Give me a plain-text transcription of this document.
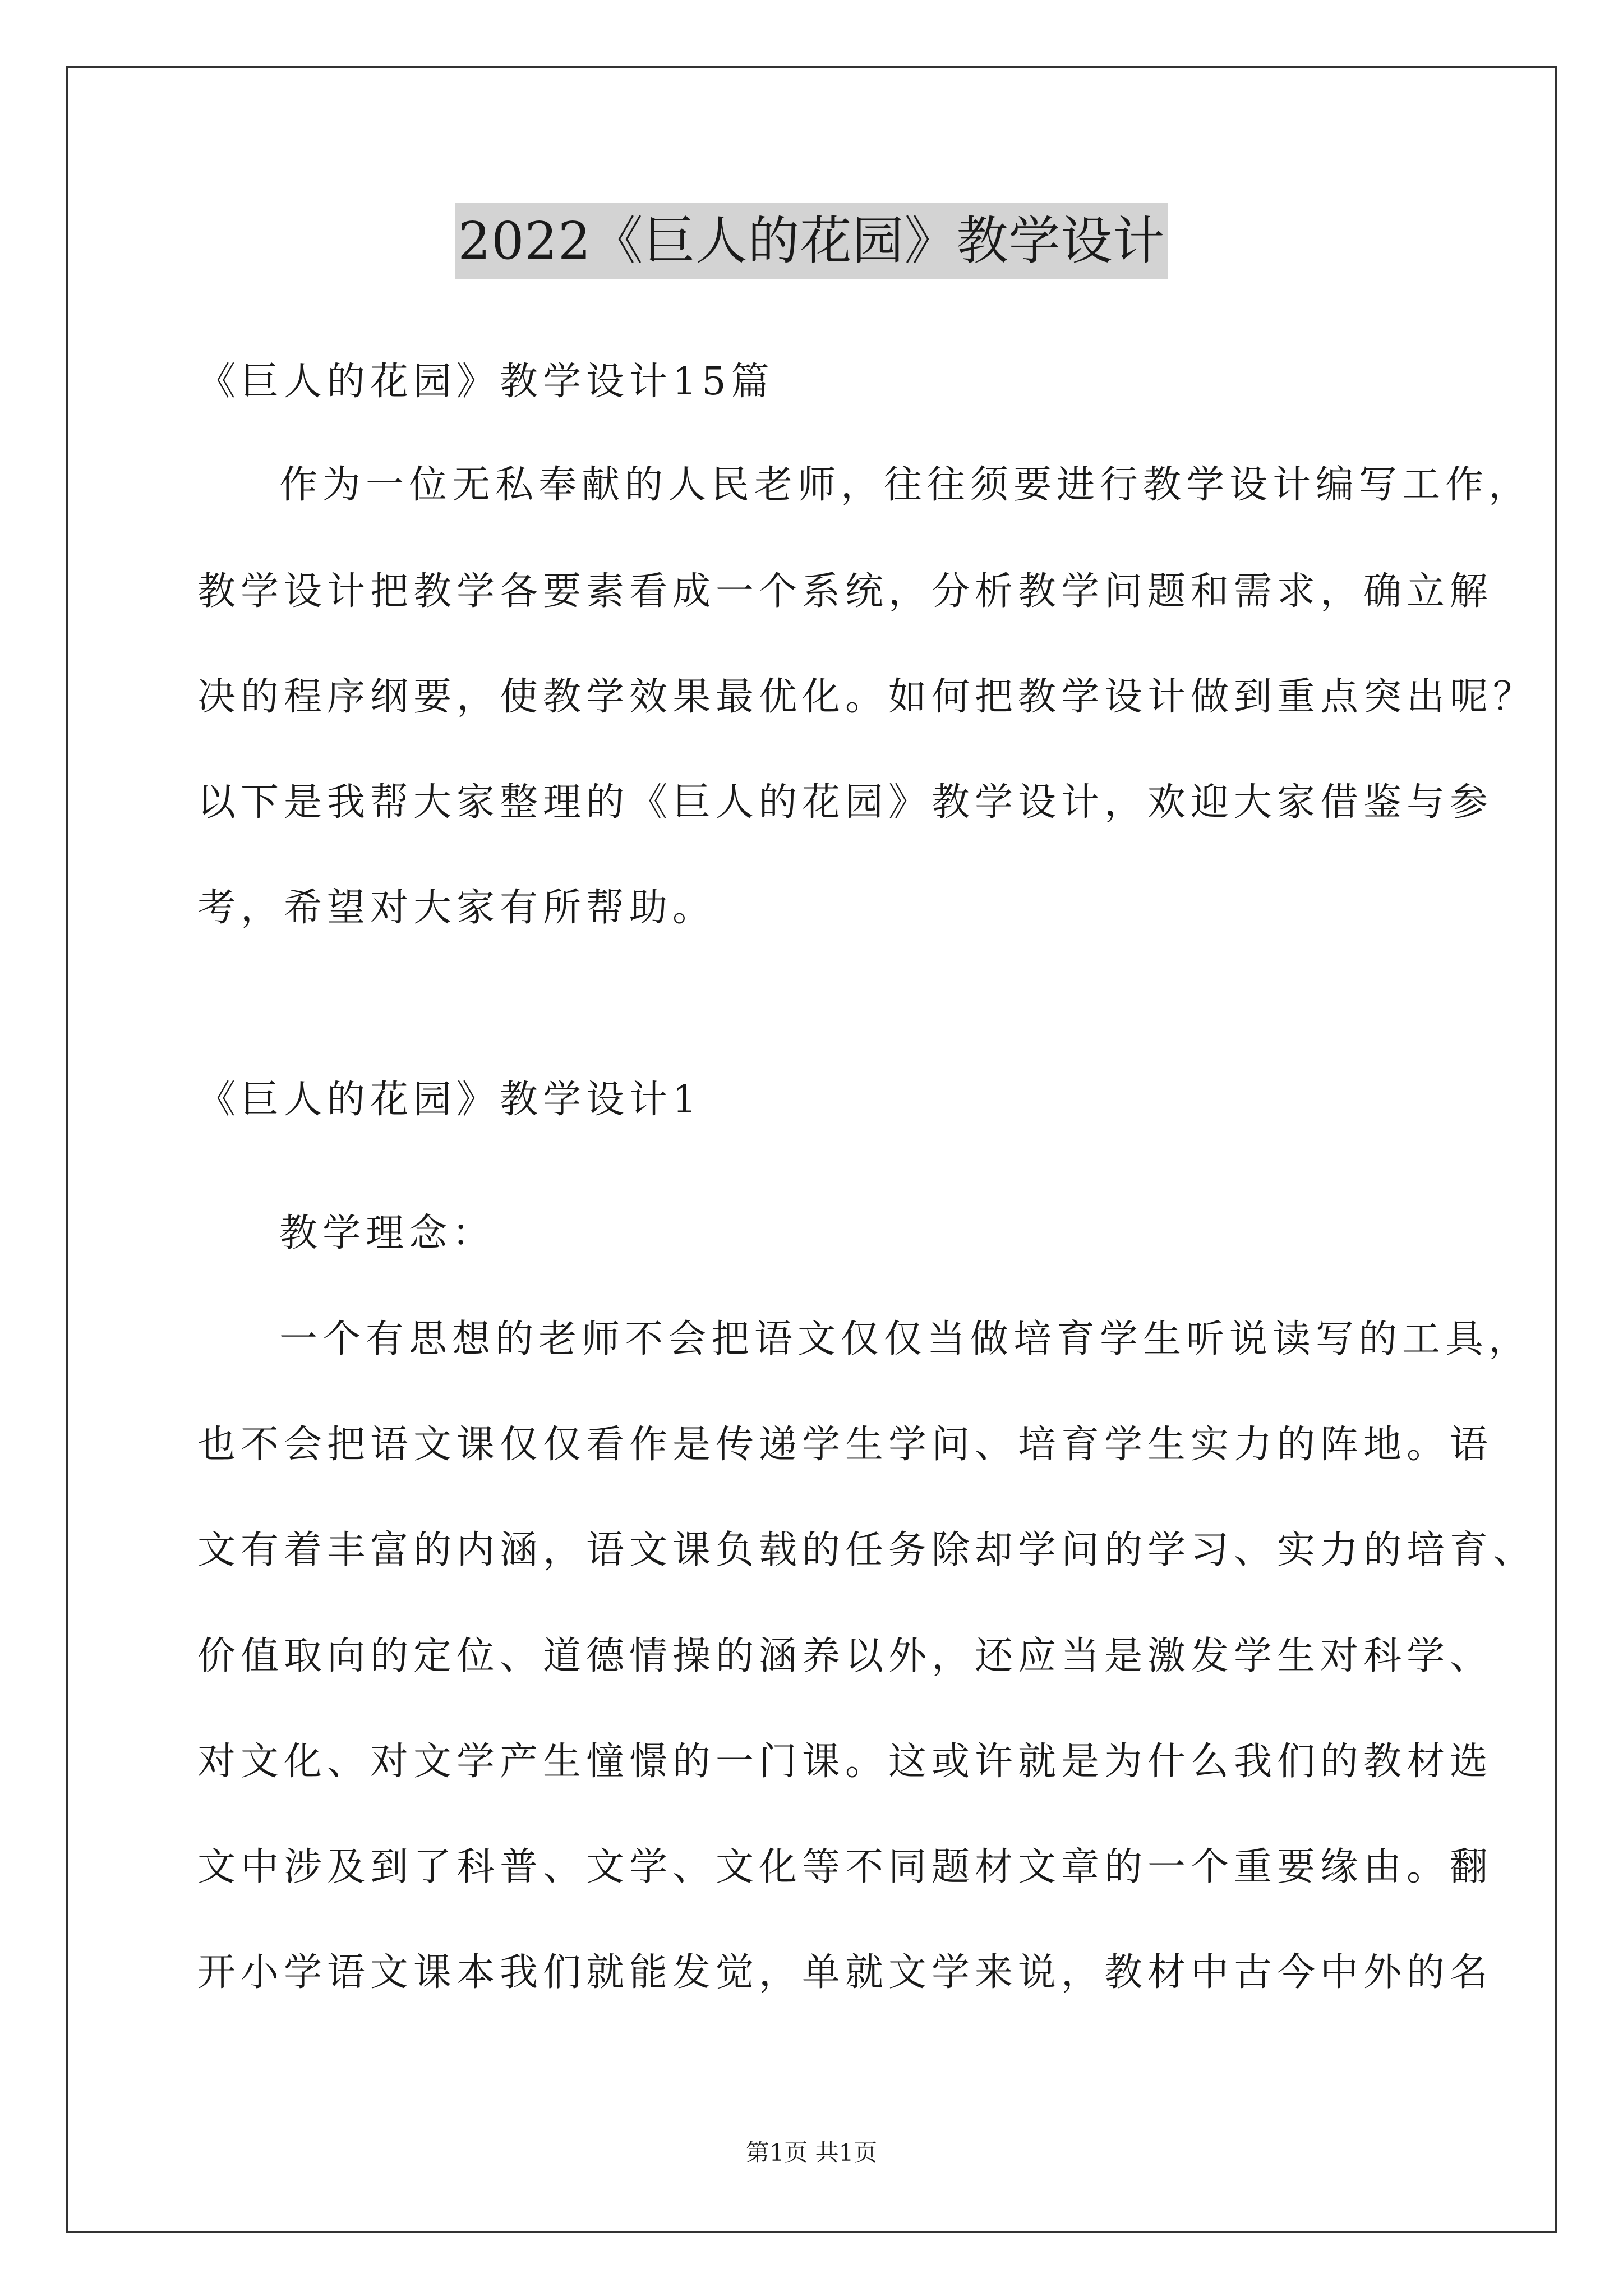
2022《巨人的花园》教学设计
《巨人的花园》教学设计15篇
作为一位无私奉献的人民老师，往往须要进行教学设计编写工作，
教学设计把教学各要素看成一个系统，分析教学问题和需求，确立解
决的程序纲要，使教学效果最优化。如何把教学设计做到重点突出呢？
以下是我帮大家整理的《巨人的花园》教学设计，欢迎大家借鉴与参
考，希望对大家有所帮助。
《巨人的花园》教学设计1
教学理念：
一个有思想的老师不会把语文仅仅当做培育学生听说读写的工具，
也不会把语文课仅仅看作是传递学生学问、培育学生实力的阵地。语
文有着丰富的内涵，语文课负载的任务除却学问的学习、实力的培育、
价值取向的定位、道德情操的涵养以外，还应当是激发学生对科学、
对文化、对文学产生憧憬的一门课。这或许就是为什么我们的教材选
文中涉及到了科普、文学、文化等不同题材文章的一个重要缘由。翻
开小学语文课本我们就能发觉，单就文学来说，教材中古今中外的名
第1页 共1页
